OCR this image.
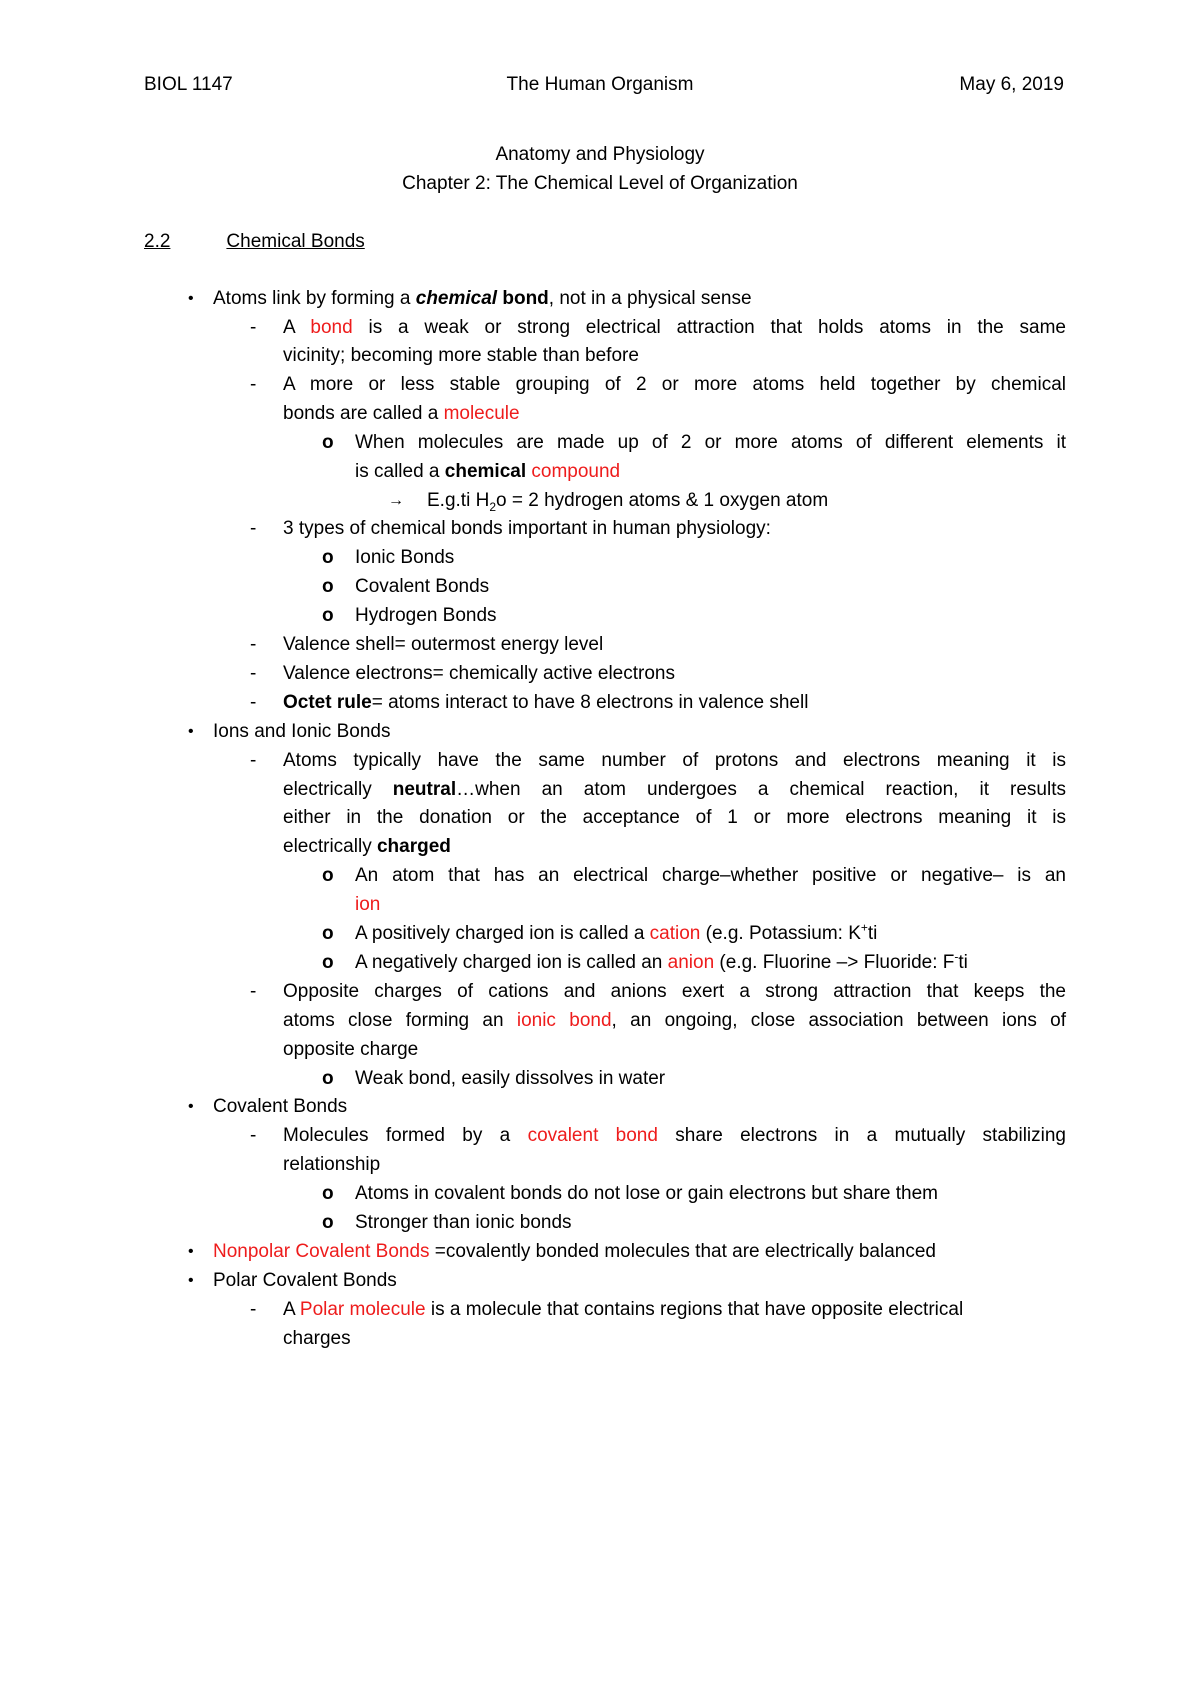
BIOL 1147	The Human Organism	May 6, 2019
Anatomy and Physiology
Chapter 2: The Chemical Level of Organization
2.2	Chemical Bonds
• Atoms link by forming a chemical bond, not in a physical sense
- A bond is a weak or strong electrical attraction that holds atoms in the same
vicinity; becoming more stable than before
- A more or less stable grouping of 2 or more atoms held together by chemical
bonds are called a molecule
o When molecules are made up of 2 or more atoms of different elements it
is called a chemical compound
→ E.g.ti $H_2o = 2$ hydrogen atoms & 1 oxygen atom
- 3 types of chemical bonds important in human physiology:
o Ionic Bonds
o Covalent Bonds
o Hydrogen Bonds
- Valence shell= outermost energy level
- Valence electrons= chemically active electrons
- Octet rule= atoms interact to have 8 electrons in valence shell
• Ions and Ionic Bonds
- Atoms typically have the same number of protons and electrons meaning it is
electrically neutral…when an atom undergoes a chemical reaction, it results
either in the donation or the acceptance of 1 or more electrons meaning it is
electrically charged
o An atom that has an electrical charge–whether positive or negative– is an
ion
o A positively charged ion is called a cation (e.g. Potassium: K+ti
o A negatively charged ion is called an anion (e.g. Fluorine –> Fluoride: F-ti
- Opposite charges of cations and anions exert a strong attraction that keeps the
atoms close forming an ionic bond, an ongoing, close association between ions of
opposite charge
o Weak bond, easily dissolves in water
• Covalent Bonds
- Molecules formed by a covalent bond share electrons in a mutually stabilizing
relationship
o Atoms in covalent bonds do not lose or gain electrons but share them
o Stronger than ionic bonds
• Nonpolar Covalent Bonds =covalently bonded molecules that are electrically balanced
• Polar Covalent Bonds
- A Polar molecule is a molecule that contains regions that have opposite electrical
charges
